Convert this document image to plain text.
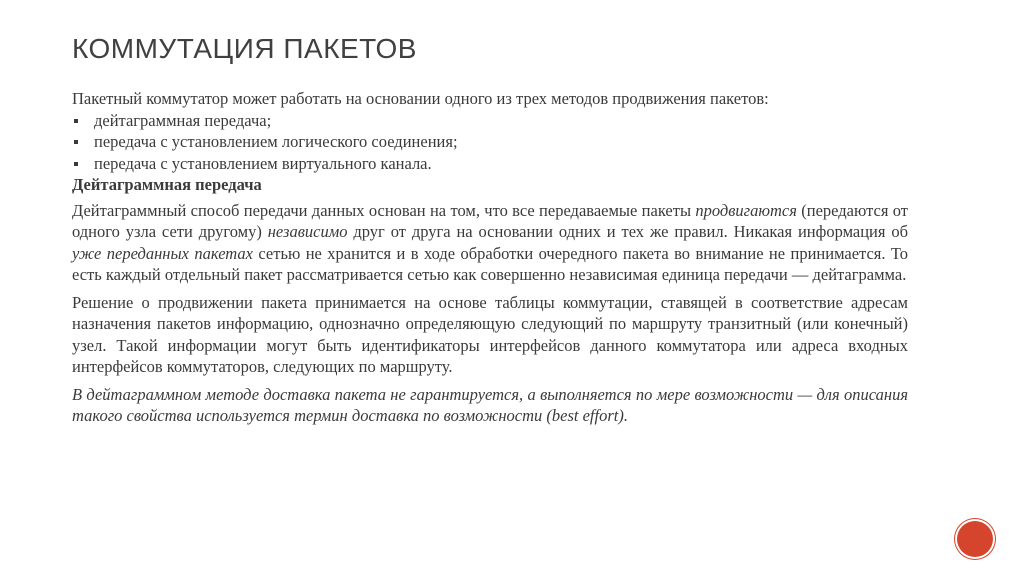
КОММУТАЦИЯ ПАКЕТОВ

Пакетный коммутатор может работать на основании одного из трех методов продвижения пакетов:

дейтаграммная передача;
передача с установлением логического соединения;
передача с установлением виртуального канала.

Дейтаграммная передача

Дейтаграммный способ передачи данных основан на том, что все передаваемые пакеты продвигаются (передаются от одного узла сети другому) независимо друг от друга на основании одних и тех же правил. Никакая информация об уже переданных пакетах сетью не хранится и в ходе обработки очередного пакета во внимание не принимается. То есть каждый отдельный пакет рассматривается сетью как совершенно независимая единица передачи — дейтаграмма.

Решение о продвижении пакета принимается на основе таблицы коммутации, ставящей в соответствие адресам назначения пакетов информацию, однозначно определяющую следующий по маршруту транзитный (или конечный) узел. Такой информации могут быть идентификаторы интерфейсов данного коммутатора или адреса входных интерфейсов коммутаторов, следующих по маршруту.

В дейтаграммном методе доставка пакета не гарантируется, а выполняется по мере возможности — для описания такого свойства используется термин доставка по возможности (best effort).
